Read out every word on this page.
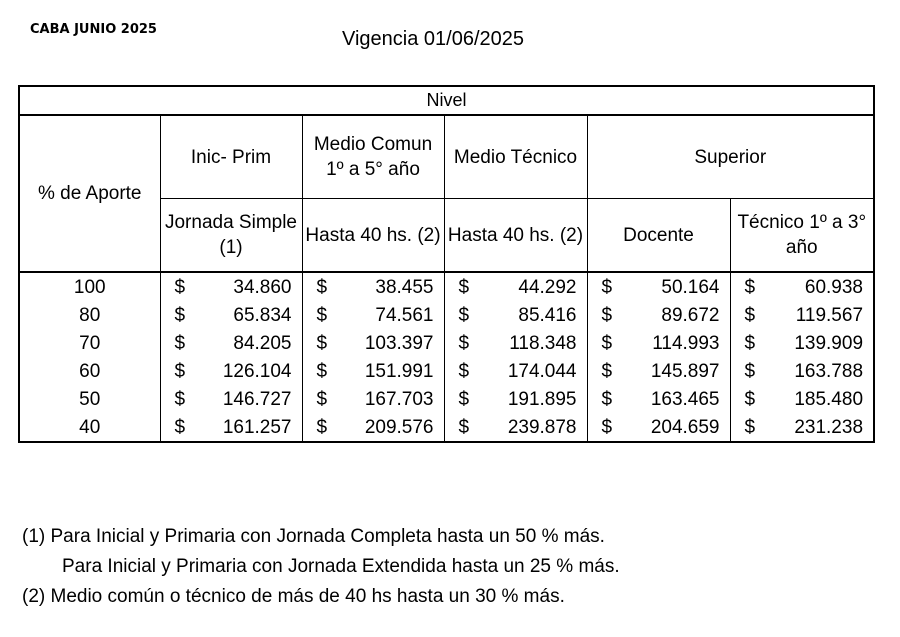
CABA JUNIO 2025	Vigencia 01/06/2025
Nivel					
% de Aporte	Inic- Prim	Medio Comun 1º a 5° año	Medio Técnico	Superior	
	Jornada Simple (1)	Hasta 40 hs. (2)	Hasta 40 hs. (2)	Docente	Técnico 1º a 3° año
100	$ 34.860	$ 38.455	$ 44.292	$ 50.164	$ 60.938

80	$ 65.834	$ 74.561	$ 85.416	$ 89.672	$ 119.567

70	$ 84.205	$ 103.397	$ 118.348	$ 114.993	$ 139.909

60	$ 126.104	$ 151.991	$ 174.044	$ 145.897	$ 163.788

50	$ 146.727	$ 167.703	$ 191.895	$ 163.465	$ 185.480

40	$ 161.257	$ 209.576	$ 239.878	$ 204.659	$ 231.238
(1) Para Inicial y Primaria con Jornada Completa hasta un 50 % más.
Para Inicial y Primaria con Jornada Extendida hasta un 25 % más.
(2) Medio común o técnico de más de 40 hs hasta un 30 % más.
